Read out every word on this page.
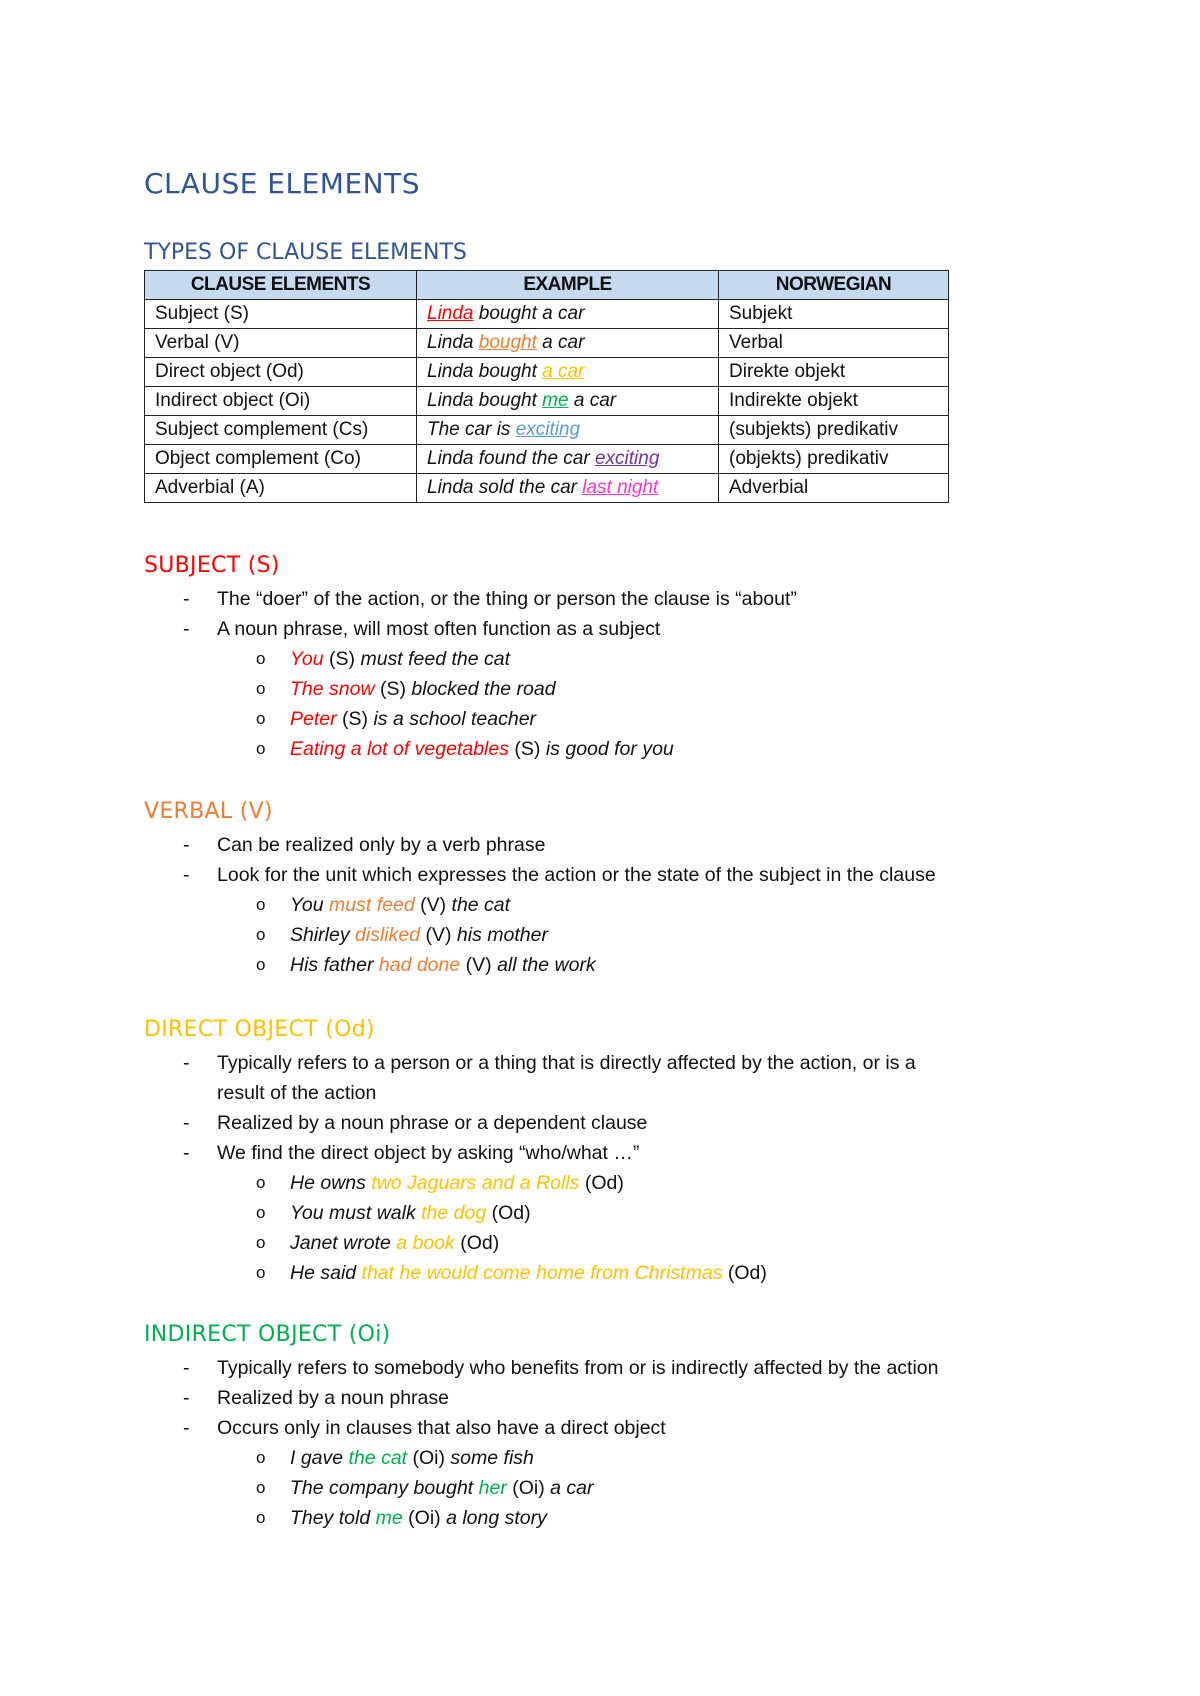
CLAUSE ELEMENTS
TYPES OF CLAUSE ELEMENTS
CLAUSE ELEMENTS	EXAMPLE	NORWEGIAN
Subject (S)	Linda bought a car	Subjekt
Verbal (V)	Linda bought a car	Verbal
Direct object (Od)	Linda bought a car	Direkte objekt
Indirect object (Oi)	Linda bought me a car	Indirekte objekt
Subject complement (Cs)	The car is exciting	(subjekts) predikativ
Object complement (Co)	Linda found the car exciting	(objekts) predikativ
Adverbial (A)	Linda sold the car last night	Adverbial
SUBJECT (S)
- The “doer” of the action, or the thing or person the clause is “about”
- A noun phrase, will most often function as a subject
o You (S) must feed the cat
o The snow (S) blocked the road
o Peter (S) is a school teacher
o Eating a lot of vegetables (S) is good for you
VERBAL (V)
- Can be realized only by a verb phrase
- Look for the unit which expresses the action or the state of the subject in the clause
o You must feed (V) the cat
o Shirley disliked (V) his mother
o His father had done (V) all the work
DIRECT OBJECT (Od)
- Typically refers to a person or a thing that is directly affected by the action, or is a result of the action
- Realized by a noun phrase or a dependent clause
- We find the direct object by asking “who/what …”
o He owns two Jaguars and a Rolls (Od)
o You must walk the dog (Od)
o Janet wrote a book (Od)
o He said that he would come home from Christmas (Od)
INDIRECT OBJECT (Oi)
- Typically refers to somebody who benefits from or is indirectly affected by the action
- Realized by a noun phrase
- Occurs only in clauses that also have a direct object
o I gave the cat (Oi) some fish
o The company bought her (Oi) a car
o They told me (Oi) a long story
